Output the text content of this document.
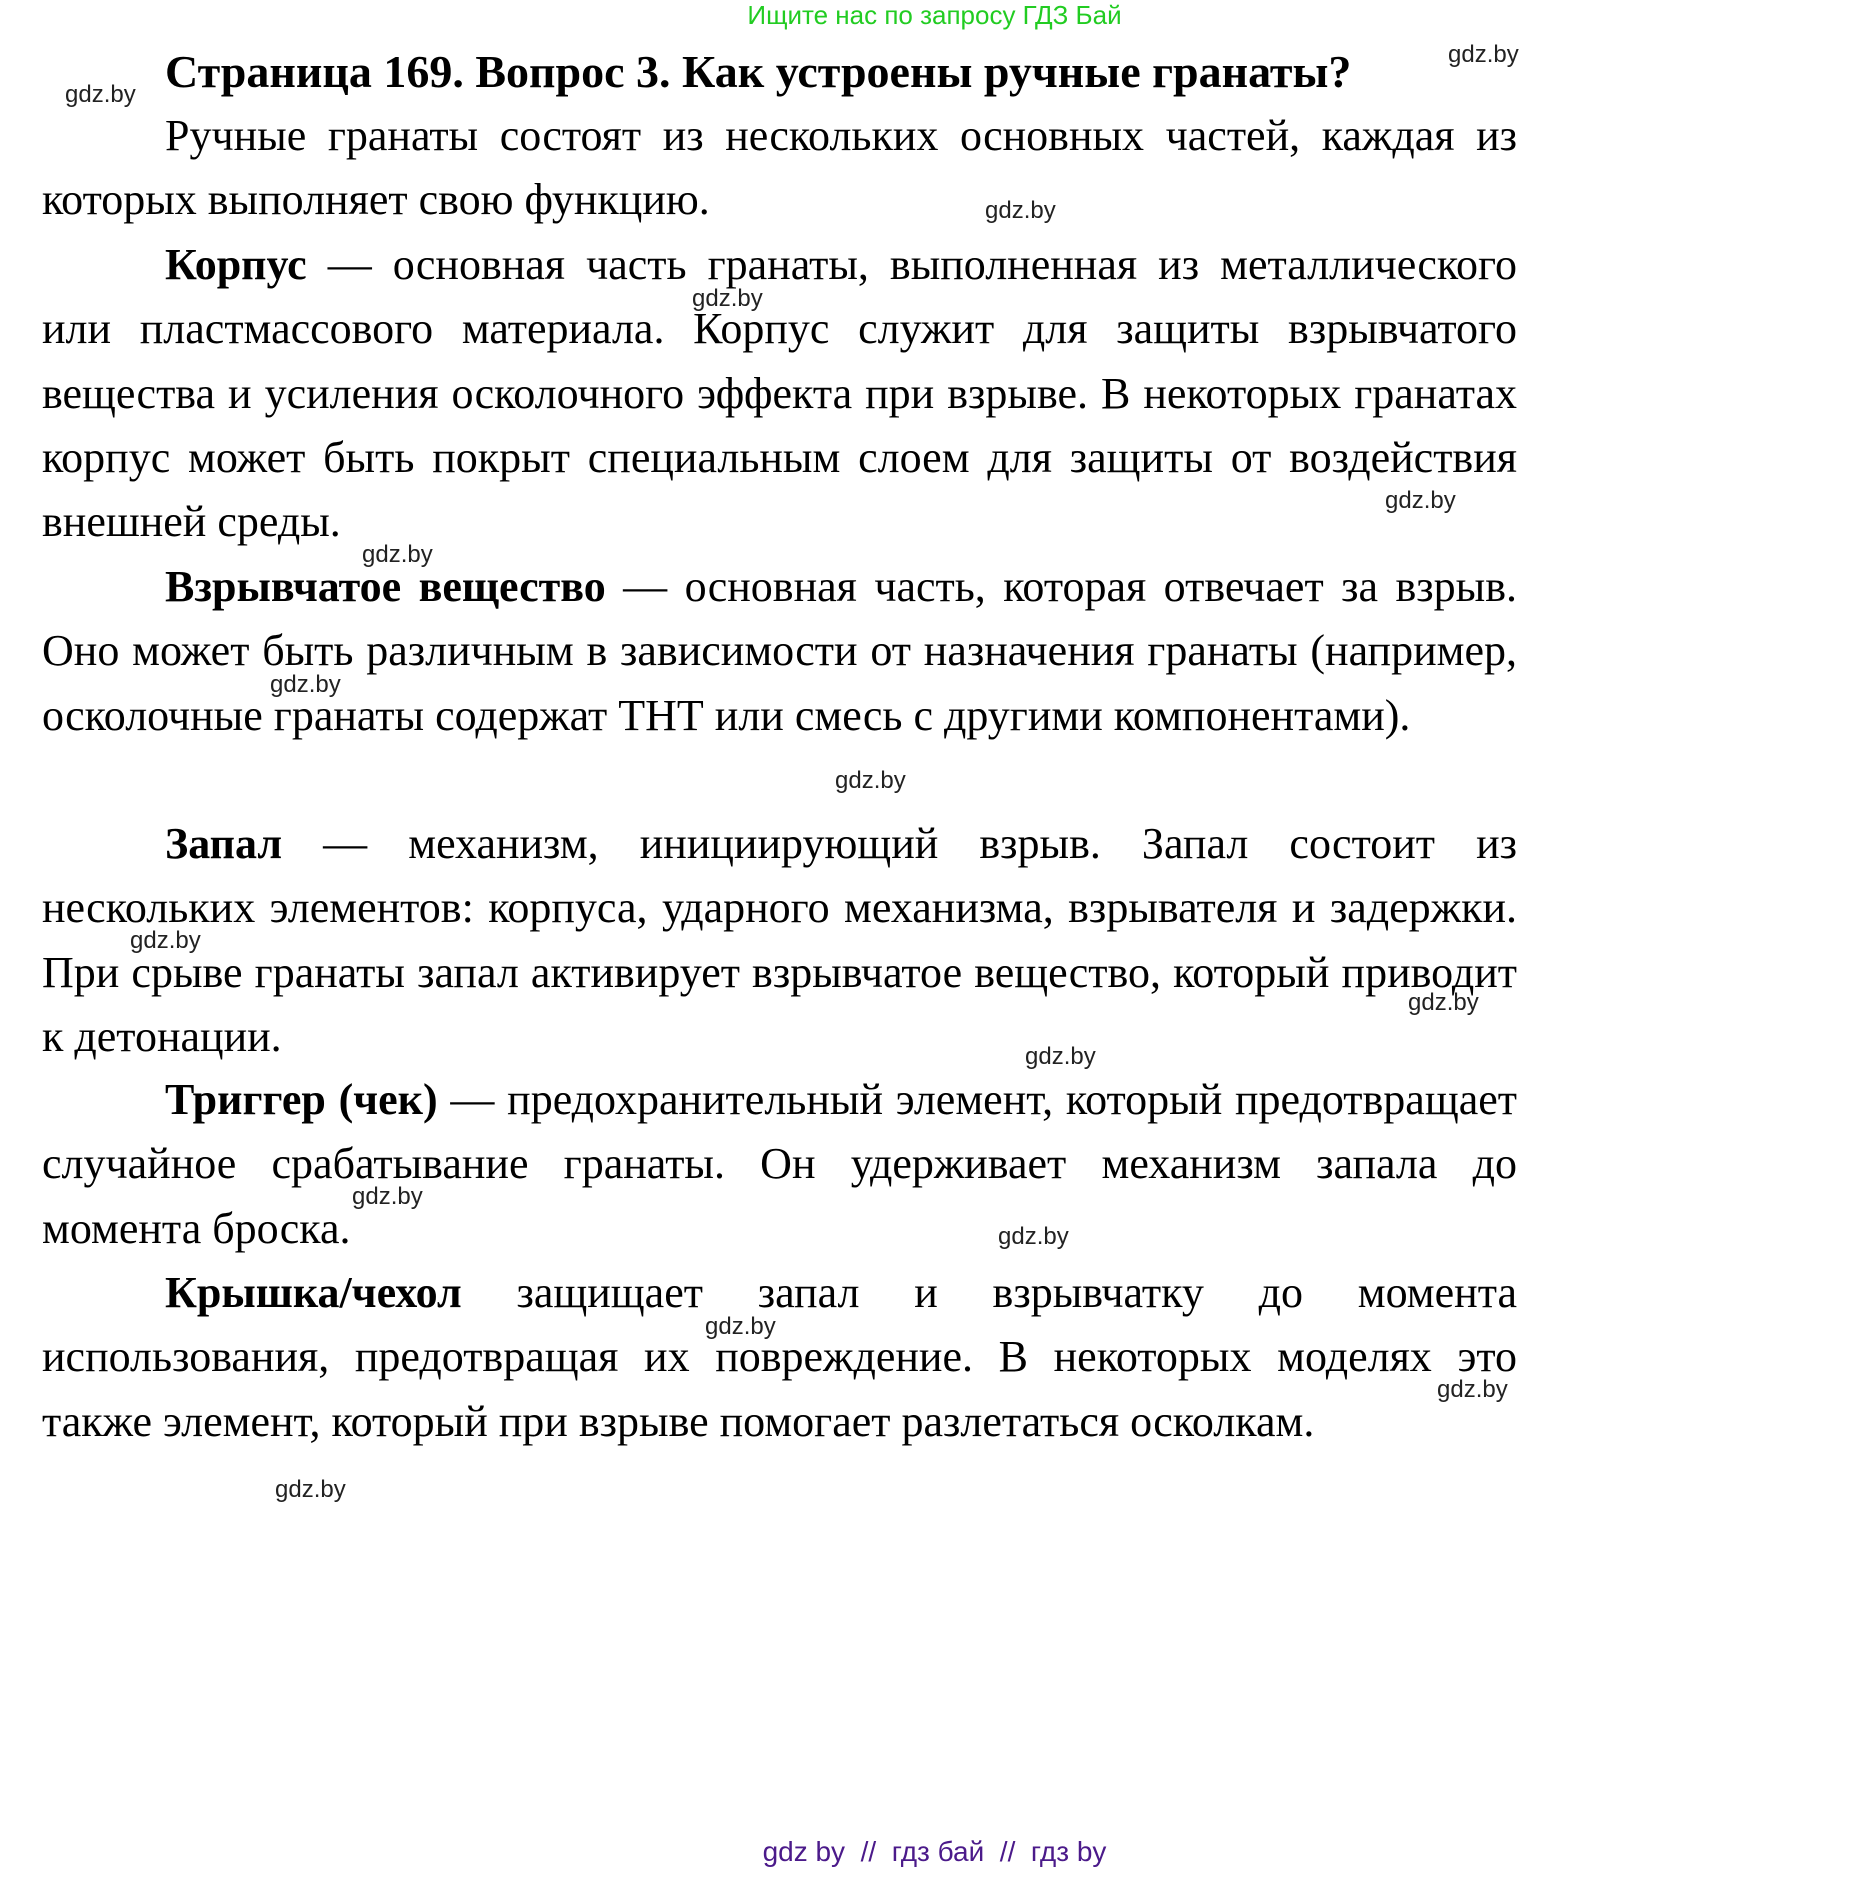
Ищите нас по запросу ГДЗ Бай
Страница 169. Вопрос 3. Как устроены ручные гранаты?
Ручные гранаты состоят из нескольких основных частей, каждая из которых выполняет свою функцию.
Корпус — основная часть гранаты, выполненная из металлического или пластмассового материала. Корпус служит для защиты взрывчатого вещества и усиления осколочного эффекта при взрыве. В некоторых гранатах корпус может быть покрыт специальным слоем для защиты от воздействия внешней среды.
Взрывчатое вещество — основная часть, которая отвечает за взрыв. Оно может быть различным в зависимости от назначения гранаты (например, осколочные гранаты содержат ТНТ или смесь с другими компонентами).
Запал — механизм, инициирующий взрыв. Запал состоит из нескольких элементов: корпуса, ударного механизма, взрывателя и задержки. При срыве гранаты запал активирует взрывчатое вещество, который приводит к детонации.
Триггер (чек) — предохранительный элемент, который предотвращает случайное срабатывание гранаты. Он удерживает механизм запала до момента броска.
Крышка/чехол защищает запал и взрывчатку до момента использования, предотвращая их повреждение. В некоторых моделях это также элемент, который при взрыве помогает разлетаться осколкам.
gdz.by
gdz.by
gdz.by
gdz.by
gdz.by
gdz.by
gdz.by
gdz.by
gdz.by
gdz.by
gdz.by
gdz.by
gdz.by
gdz.by
gdz.by
gdz.by
gdz by  //  гдз бай  //  гдз by
